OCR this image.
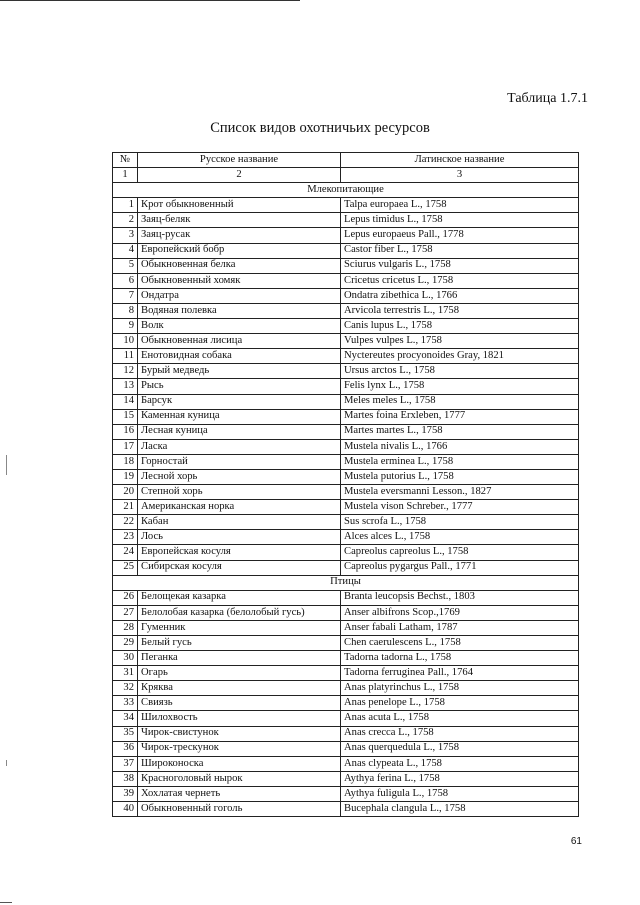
Таблица 1.7.1
Список видов охотничьих ресурсов
№	Русское название	Латинское название
1	2	3
Млекопитающие		
1	Крот обыкновенный	Talpa europaea L., 1758
2	Заяц-беляк	Lepus timidus L., 1758
3	Заяц-русак	Lepus europaeus Pall., 1778
4	Европейский бобр	Castor fiber L., 1758
5	Обыкновенная белка	Sciurus vulgaris L., 1758
6	Обыкновенный хомяк	Cricetus cricetus L., 1758
7	Ондатра	Ondatra zibethica L., 1766
8	Водяная полевка	Arvicola terrestris L., 1758
9	Волк	Canis lupus L., 1758
10	Обыкновенная лисица	Vulpes vulpes L., 1758
11	Енотовидная собака	Nyctereutes procyonoides Gray, 1821
12	Бурый медведь	Ursus arctos L., 1758
13	Рысь	Felis lynx L., 1758
14	Барсук	Meles meles L., 1758
15	Каменная куница	Martes foina Erxleben, 1777
16	Лесная куница	Martes martes L., 1758
17	Ласка	Mustela nivalis L., 1766
18	Горностай	Mustela erminea L., 1758
19	Лесной хорь	Mustela putorius L., 1758
20	Степной хорь	Mustela eversmanni Lesson., 1827
21	Американская норка	Mustela vison Schreber., 1777
22	Кабан	Sus scrofa L., 1758
23	Лось	Alces alces L., 1758
24	Европейская косуля	Capreolus capreolus L., 1758
25	Сибирская косуля	Capreolus pygargus Pall., 1771
Птицы		
26	Белощекая казарка	Branta leucopsis Bechst., 1803
27	Белолобая казарка (белолобый гусь)	Anser albifrons Scop.,1769
28	Гуменник	Anser fabali Latham, 1787
29	Белый гусь	Chen caerulescens L., 1758
30	Пеганка	Tadorna tadorna L., 1758
31	Огарь	Tadorna ferruginea Pall., 1764
32	Кряква	Anas platyrinchus L., 1758
33	Свиязь	Anas penelope L., 1758
34	Шилохвость	Anas acuta L., 1758
35	Чирок-свистунок	Anas crecca L., 1758
36	Чирок-трескунок	Anas querquedula L., 1758
37	Широконоска	Anas clypeata L., 1758
38	Красноголовый нырок	Aythya ferina L., 1758
39	Хохлатая чернеть	Aythya fuligula L., 1758
40	Обыкновенный гоголь	Bucephala clangula L., 1758
61
